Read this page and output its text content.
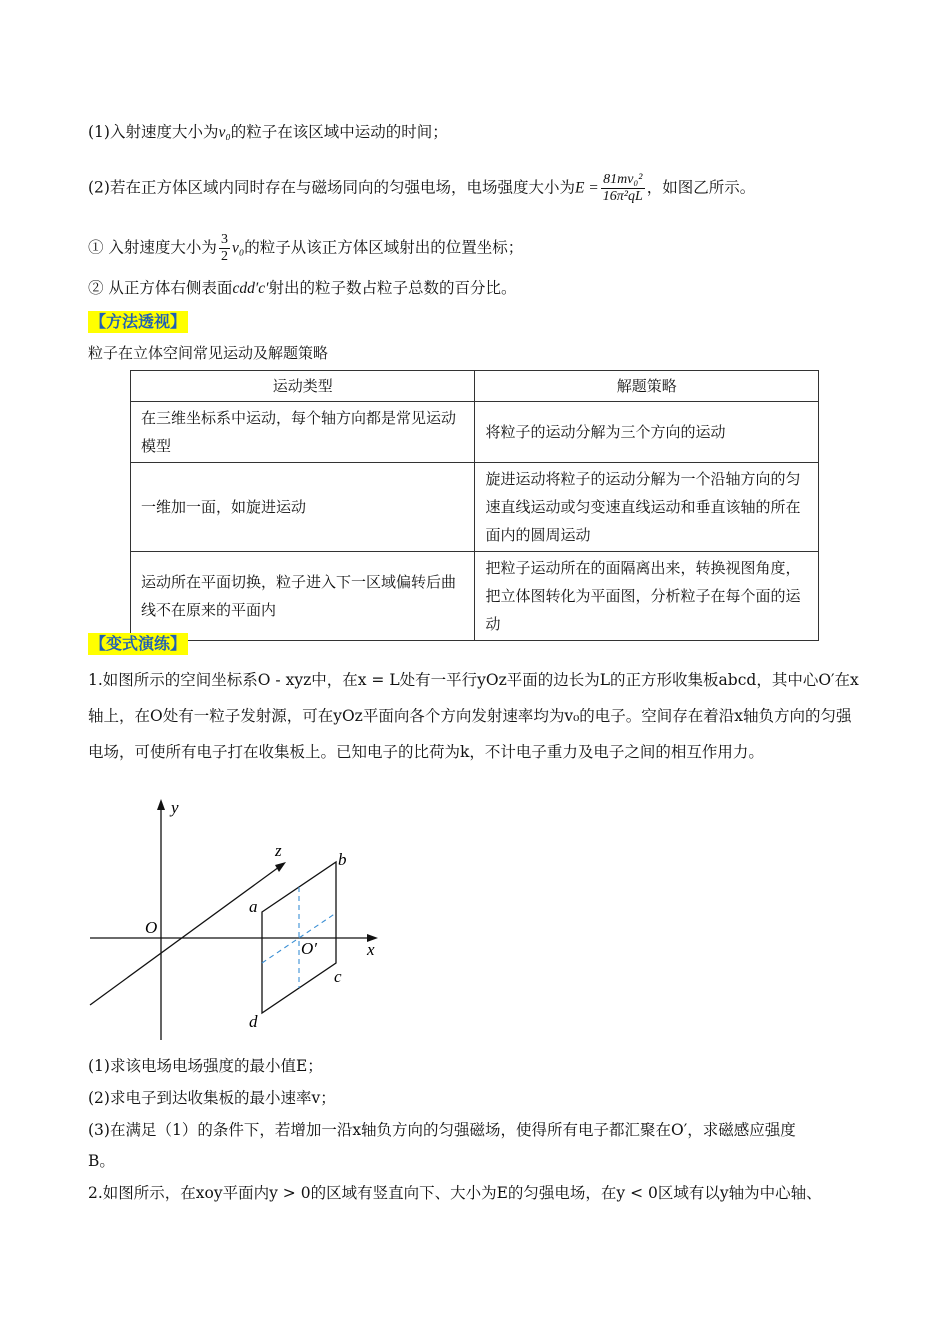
(1)入射速度大小为v₀的粒子在该区域中运动的时间；
(2)若在正方体区域内同时存在与磁场同向的匀强电场，电场强度大小为$E = \frac{\text{81mv₀²}}{\text{16π²qL}}$ ，如图乙所示。
① 入射速度大小为 $\frac{3}{2} v_0$的粒子从该正方体区域射出的位置坐标；
② 从正方体右侧表面cdd′c′射出的粒子数占粒子总数的百分比。
【方法透视】
粒子在立体空间常见运动及解题策略
运动类型	解题策略
在三维坐标系中运动，每个轴方向都是常见运动模型	将粒子的运动分解为三个方向的运动
一维加一面，如旋进运动	旋进运动将粒子的运动分解为一个沿轴方向的匀速直线运动或匀变速直线运动和垂直该轴的所在面内的圆周运动
运动所在平面切换，粒子进入下一区域偏转后曲线不在原来的平面内	把粒子运动所在的面隔离出来，转换视图角度，把立体图转化为平面图，分析粒子在每个面的运动
【变式演练】
1.如图所示的空间坐标系O - xyz中，在x = L处有一平行yOz平面的边长为L的正方形收集板abcd，其中心O′在x轴上，在O处有一粒子发射源，可在yOz平面向各个方向发射速率均为v₀的电子。空间存在着沿x轴负方向的匀强电场，可使所有电子打在收集板上。已知电子的比荷为k，不计电子重力及电子之间的相互作用力。
y
z
x
O
O′
a
b
c
d
(1)求该电场电场强度的最小值E；
(2)求电子到达收集板的最小速率v；
(3)在满足（1）的条件下，若增加一沿x轴负方向的匀强磁场，使得所有电子都汇聚在O′，求磁感应强度
B。
2.如图所示，在xoy平面内y > 0的区域有竖直向下、大小为E的匀强电场，在y < 0区域有以y轴为中心轴、
